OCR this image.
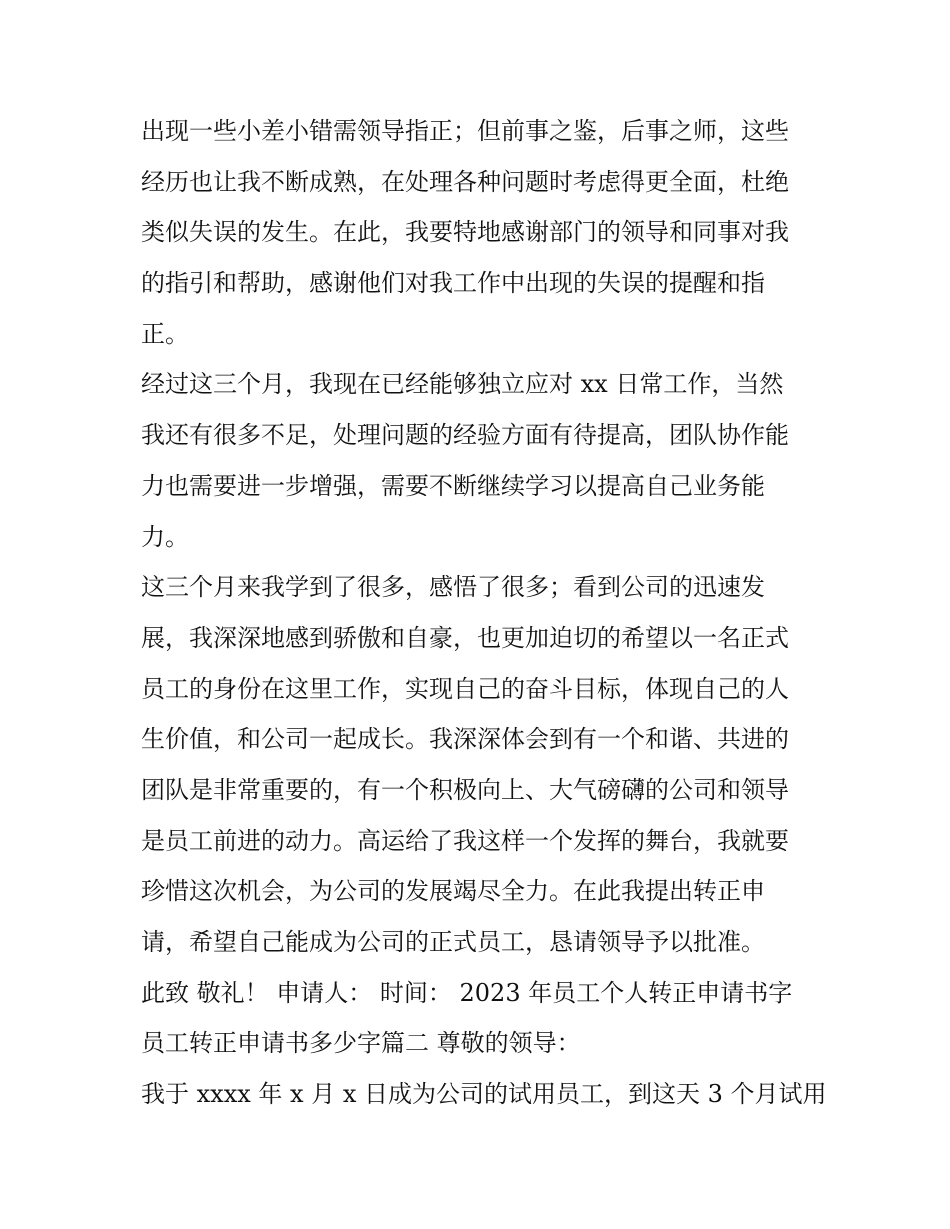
出现一些小差小错需领导指正；但前事之鉴，后事之师，这些
经历也让我不断成熟，在处理各种问题时考虑得更全面，杜绝
类似失误的发生。在此，我要特地感谢部门的领导和同事对我
的指引和帮助，感谢他们对我工作中出现的失误的提醒和指
正。
经过这三个月，我现在已经能够独立应对 xx 日常工作，当然
我还有很多不足，处理问题的经验方面有待提高，团队协作能
力也需要进一步增强，需要不断继续学习以提高自己业务能
力。
这三个月来我学到了很多，感悟了很多；看到公司的迅速发
展，我深深地感到骄傲和自豪，也更加迫切的希望以一名正式
员工的身份在这里工作，实现自己的奋斗目标，体现自己的人
生价值，和公司一起成长。我深深体会到有一个和谐、共进的
团队是非常重要的，有一个积极向上、大气磅礴的公司和领导
是员工前进的动力。高运给了我这样一个发挥的舞台，我就要
珍惜这次机会，为公司的发展竭尽全力。在此我提出转正申
请，希望自己能成为公司的正式员工，恳请领导予以批准。
此致 敬礼！ 申请人： 时间： 2023 年员工个人转正申请书字
员工转正申请书多少字篇二 尊敬的领导：
我于 xxxx 年 x 月 x 日成为公司的试用员工，到这天 3 个月试用
